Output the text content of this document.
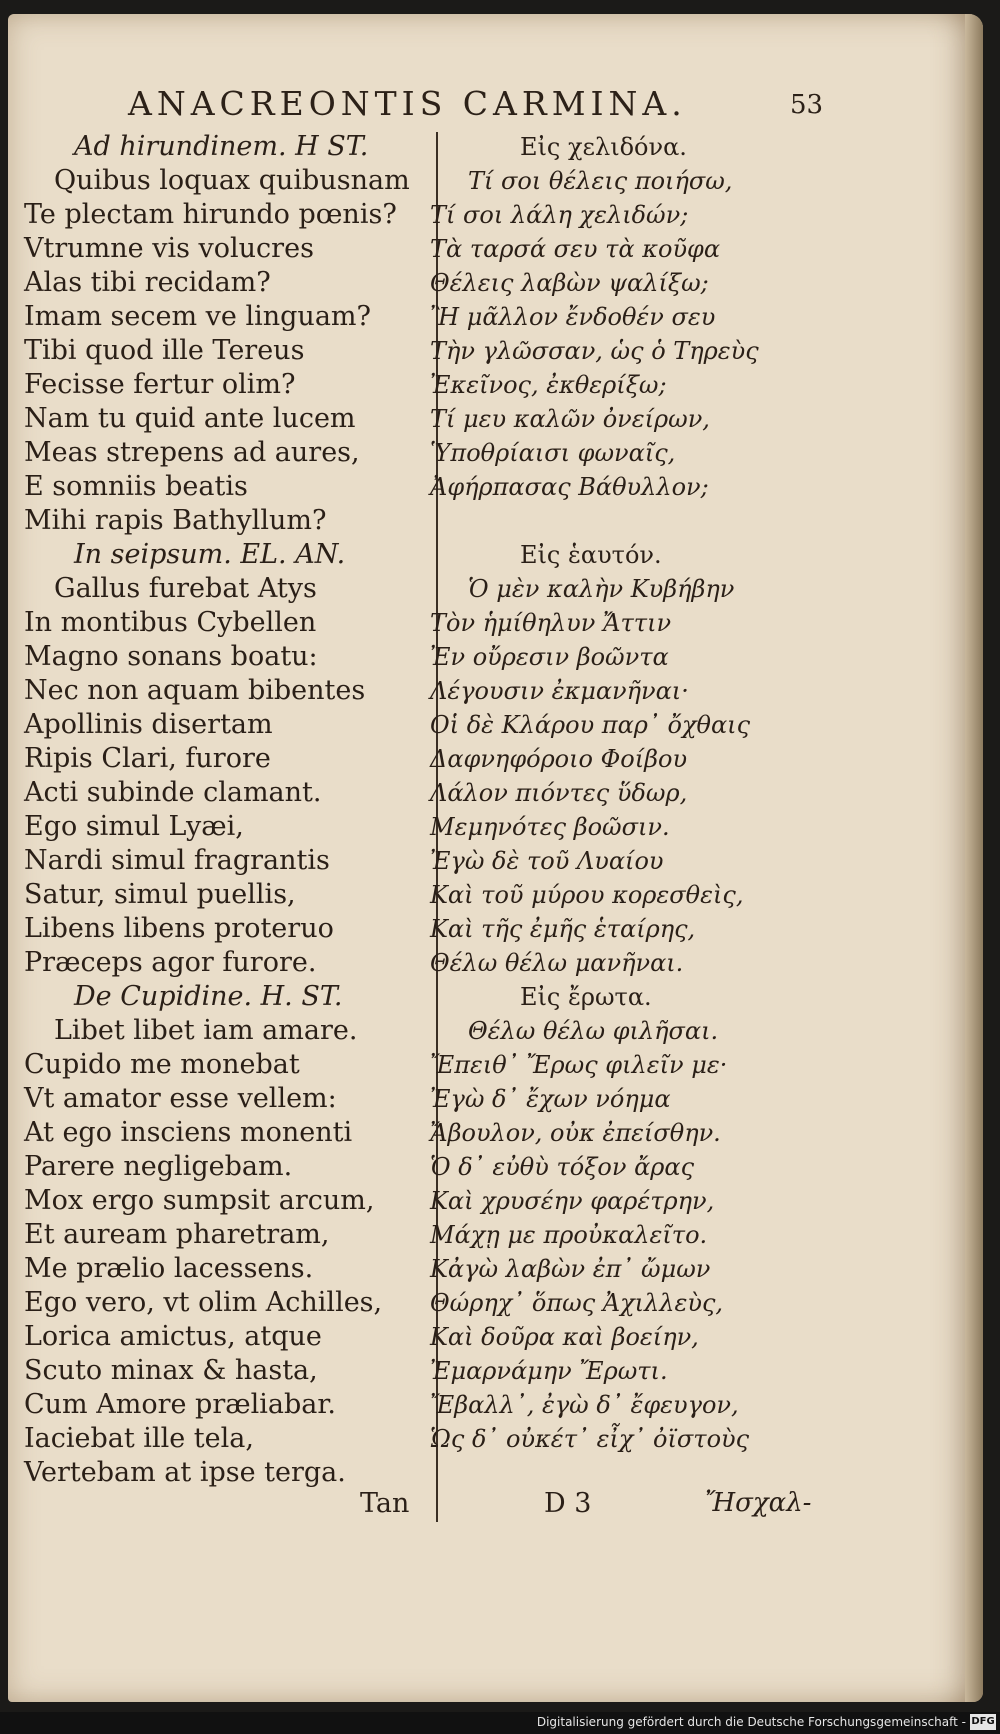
ANACREONTIS CARMINA.	53
Ad hirundinem. H ST.
Quibus loquax quibusnam
Te plectam hirundo pœnis?
Vtrumne vis volucres
Alas tibi recidam?
Imam secem ve linguam?
Tibi quod ille Tereus
Fecisse fertur olim?
Nam tu quid ante lucem
Meas strepens ad aures,
E somniis beatis
Mihi rapis Bathyllum?
In seipsum. EL. AN.
Gallus furebat Atys
In montibus Cybellen
Magno sonans boatu:
Nec non aquam bibentes
Apollinis disertam
Ripis Clari, furore
Acti subinde clamant.
Ego simul Lyæi,
Nardi simul fragrantis
Satur, simul puellis,
Libens libens proteruo
Præceps agor furore.
De Cupidine. H. ST.
Libet libet iam amare.
Cupido me monebat
Vt amator esse vellem:
At ego insciens monenti
Parere negligebam.
Mox ergo sumpsit arcum,
Et auream pharetram,
Me prælio lacessens.
Ego vero, vt olim Achilles,
Lorica amictus, atque
Scuto minax & hasta,
Cum Amore præliabar.
Iaciebat ille tela,
Vertebam at ipse terga.
Εἰς χελιδόνα.
Τί σοι θέλεις ποιήσω,
Τί σοι λάλη χελιδών;
Τὰ ταρσά σευ τὰ κοῦφα
Θέλεις λαβὼν ψαλίξω;
Ἢ μᾶλλον ἔνδοθέν σευ
Τὴν γλῶσσαν, ὡς ὁ Τηρεὺς
Ἐκεῖνος, ἐκθερίξω;
Τί μευ καλῶν ὀνείρων,
Ὑποθρίαισι φωναῖς,
Ἀφήρπασας Βάθυλλον;
Εἰς ἑαυτόν.
Ὁ μὲν καλὴν Κυβήβην
Τὸν ἡμίθηλυν Ἄττιν
Ἐν οὔρεσιν βοῶντα
Λέγουσιν ἐκμανῆναι·
Οἱ δὲ Κλάρου παρ᾽ ὄχθαις
Δαφνηφόροιο Φοίβου
Λάλον πιόντες ὕδωρ,
Μεμηνότες βοῶσιν.
Ἐγὼ δὲ τοῦ Λυαίου
Καὶ τοῦ μύρου κορεσθεὶς,
Καὶ τῆς ἐμῆς ἑταίρης,
Θέλω θέλω μανῆναι.
Εἰς ἔρωτα.
Θέλω θέλω φιλῆσαι.
Ἔπειθ᾽ Ἔρως φιλεῖν με·
Ἐγὼ δ᾽ ἔχων νόημα
Ἄβουλον, οὐκ ἐπείσθην.
Ὁ δ᾽ εὐθὺ τόξον ἄρας
Καὶ χρυσέην φαρέτρην,
Μάχῃ με προὐκαλεῖτο.
Κἀγὼ λαβὼν ἐπ᾽ ὤμων
Θώρηχ᾽ ὅπως Ἀχιλλεὺς,
Καὶ δοῦρα καὶ βοείην,
Ἐμαρνάμην Ἔρωτι.
Ἔβαλλ᾽, ἐγὼ δ᾽ ἔφευγον,
Ὡς δ᾽ οὐκέτ᾽ εἶχ᾽ ὀϊστοὺς
Tan	D 3	Ἤσχαλ-
Digitalisierung gefördert durch die Deutsche Forschungsgemeinschaft - DFG
